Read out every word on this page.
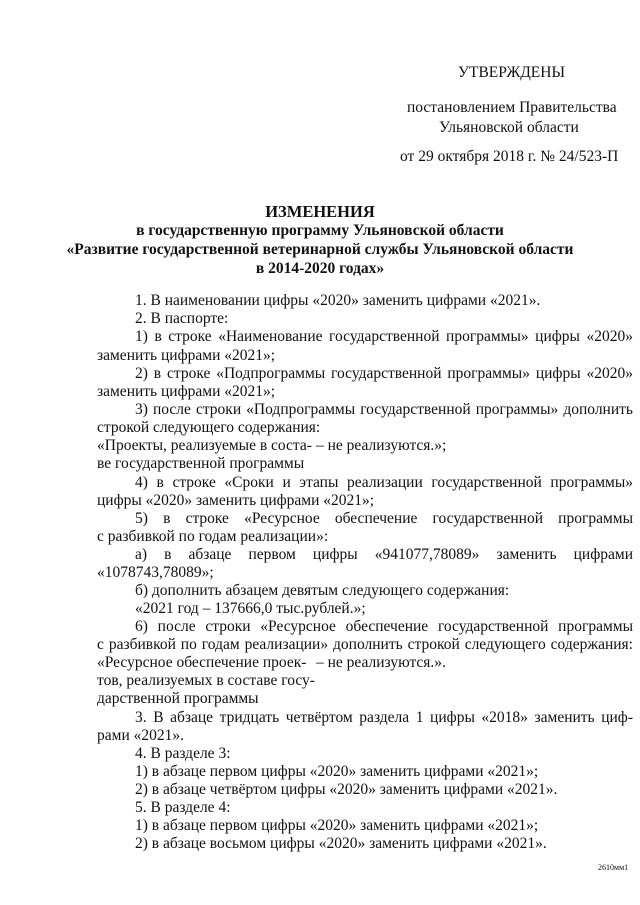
УТВЕРЖДЕНЫ
постановлением Правительства
Ульяновской области
от 29 октября 2018 г. № 24/523-П
ИЗМЕНЕНИЯ
в государственную программу Ульяновской области
«Развитие государственной ветеринарной службы Ульяновской области
в 2014-2020 годах»
1. В наименовании цифры «2020» заменить цифрами «2021».
2. В паспорте:
1) в строке «Наименование государственной программы» цифры «2020»
заменить цифрами «2021»;
2) в строке «Подпрограммы государственной программы» цифры «2020»
заменить цифрами «2021»;
3) после строки «Подпрограммы государственной программы» дополнить
строкой следующего содержания:
«Проекты, реализуемые в соста- – не реализуются.»;
ве государственной программы
4) в строке «Сроки и этапы реализации государственной программы»
цифры «2020» заменить цифрами «2021»;
5) в строке «Ресурсное обеспечение государственной программы
с разбивкой по годам реализации»:
а) в абзаце первом цифры «941077,78089» заменить цифрами
«1078743,78089»;
б) дополнить абзацем девятым следующего содержания:
«2021 год – 137666,0 тыс.рублей.»;
6) после строки «Ресурсное обеспечение государственной программы
с разбивкой по годам реализации» дополнить строкой следующего содержания:
«Ресурсное обеспечение проек- – не реализуются.».
тов, реализуемых в составе госу-
дарственной программы
3. В абзаце тридцать четвёртом раздела 1 цифры «2018» заменить циф-
рами «2021».
4. В разделе 3:
1) в абзаце первом цифры «2020» заменить цифрами «2021»;
2) в абзаце четвёртом цифры «2020» заменить цифрами «2021».
5. В разделе 4:
1) в абзаце первом цифры «2020» заменить цифрами «2021»;
2) в абзаце восьмом цифры «2020» заменить цифрами «2021».
2610мм1
